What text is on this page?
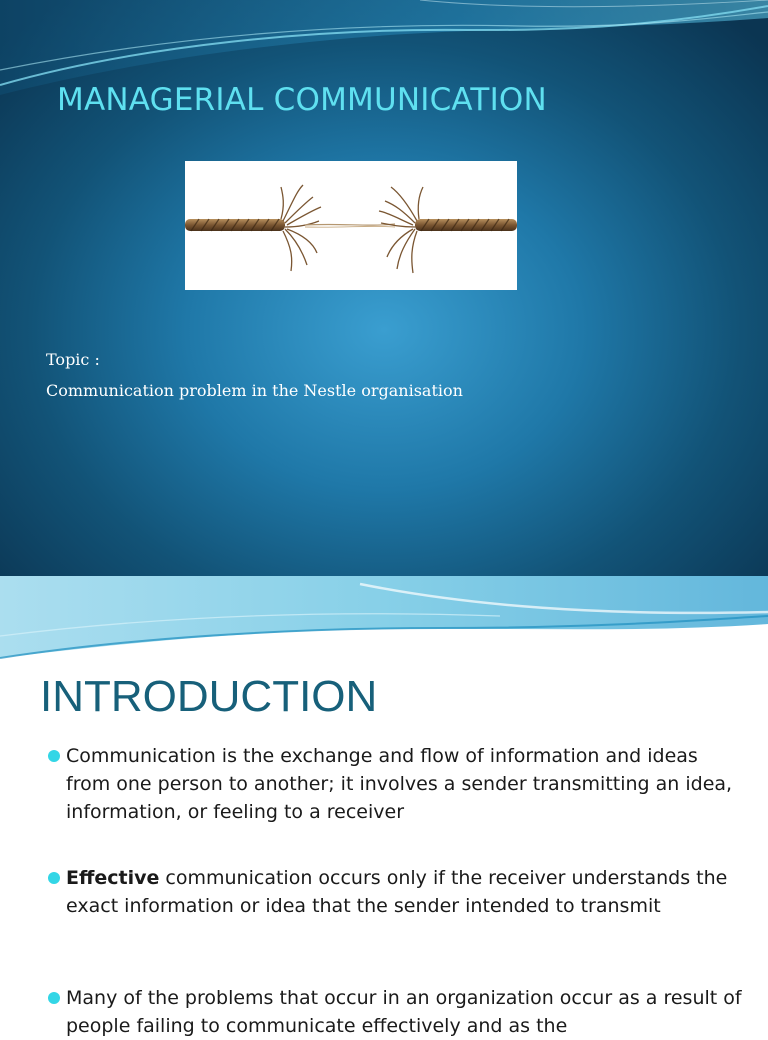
MANAGERIAL COMMUNICATION
Topic :
Communication problem in the Nestle organisation
INTRODUCTION
Communication is the exchange and flow of information and ideas from one person to another; it involves a sender transmitting an idea, information, or feeling to a receiver
Effective communication occurs only if the receiver understands the exact information or idea that the sender intended to transmit
Many of the problems that occur in an organization occur as a result of people failing to communicate effectively and as the
